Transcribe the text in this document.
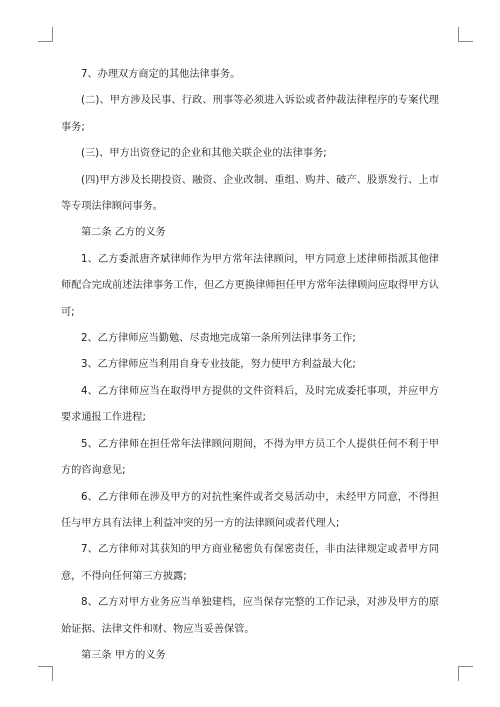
7、办理双方商定的其他法律事务。

(二)、甲方涉及民事、行政、刑事等必须进入诉讼或者仲裁法律程序的专案代理事务;

(三)、甲方出资登记的企业和其他关联企业的法律事务;

(四)甲方涉及长期投资、融资、企业改制、重组、购并、破产、股票发行、上市等专项法律顾问事务。

第二条 乙方的义务

1、乙方委派唐齐斌律师作为甲方常年法律顾问，甲方同意上述律师指派其他律师配合完成前述法律事务工作，但乙方更换律师担任甲方常年法律顾问应取得甲方认可;

2、乙方律师应当勤勉、尽责地完成第一条所列法律事务工作;

3、乙方律师应当利用自身专业技能，努力使甲方利益最大化;

4、乙方律师应当在取得甲方提供的文件资料后，及时完成委托事项，并应甲方要求通报工作进程;

5、乙方律师在担任常年法律顾问期间，不得为甲方员工个人提供任何不利于甲方的咨询意见;

6、乙方律师在涉及甲方的对抗性案件或者交易活动中，未经甲方同意，不得担任与甲方具有法律上利益冲突的另一方的法律顾问或者代理人;

7、乙方律师对其获知的甲方商业秘密负有保密责任，非由法律规定或者甲方同意，不得向任何第三方披露;

8、乙方对甲方业务应当单独建档，应当保存完整的工作记录，对涉及甲方的原始证据、法律文件和财、物应当妥善保管。

第三条 甲方的义务
